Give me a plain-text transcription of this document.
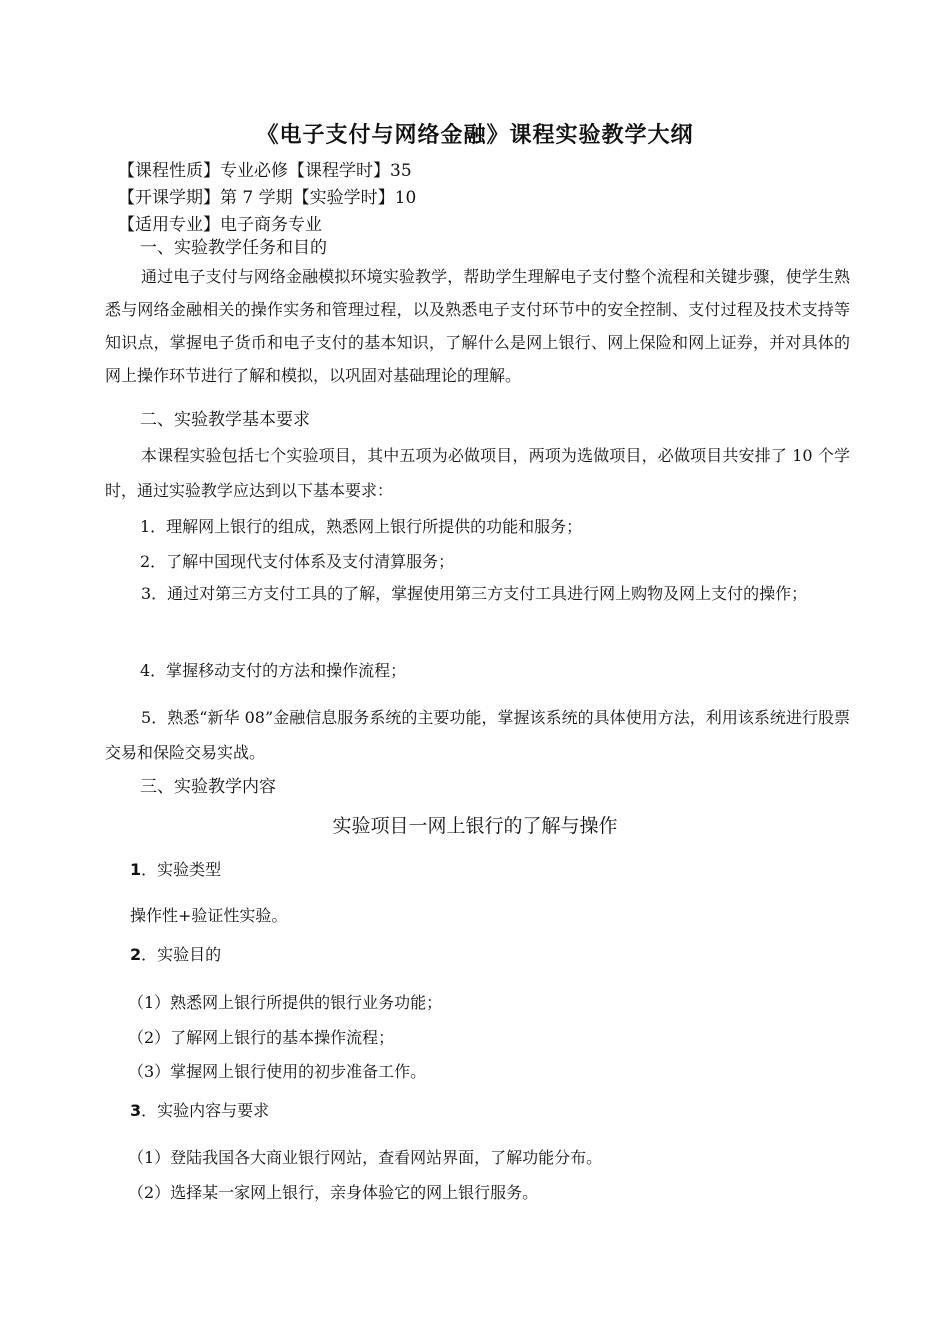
《电子支付与网络金融》课程实验教学大纲
【课程性质】专业必修【课程学时】35
【开课学期】第 7 学期【实验学时】10
【适用专业】电子商务专业
一、实验教学任务和目的
通过电子支付与网络金融模拟环境实验教学，帮助学生理解电子支付整个流程和关键步骤，使学生熟悉与网络金融相关的操作实务和管理过程，以及熟悉电子支付环节中的安全控制、支付过程及技术支持等知识点，掌握电子货币和电子支付的基本知识，了解什么是网上银行、网上保险和网上证券，并对具体的网上操作环节进行了解和模拟，以巩固对基础理论的理解。
二、实验教学基本要求
本课程实验包括七个实验项目，其中五项为必做项目，两项为选做项目，必做项目共安排了 10 个学时，通过实验教学应达到以下基本要求：
1．理解网上银行的组成，熟悉网上银行所提供的功能和服务；
2．了解中国现代支付体系及支付清算服务；
3．通过对第三方支付工具的了解，掌握使用第三方支付工具进行网上购物及网上支付的操作；
4．掌握移动支付的方法和操作流程；
5．熟悉“新华 08”金融信息服务系统的主要功能，掌握该系统的具体使用方法，利用该系统进行股票交易和保险交易实战。
三、实验教学内容
实验项目一网上银行的了解与操作
1．实验类型
操作性+验证性实验。
2．实验目的
（1）熟悉网上银行所提供的银行业务功能；
（2）了解网上银行的基本操作流程；
（3）掌握网上银行使用的初步准备工作。
3．实验内容与要求
（1）登陆我国各大商业银行网站，查看网站界面，了解功能分布。
（2）选择某一家网上银行，亲身体验它的网上银行服务。
